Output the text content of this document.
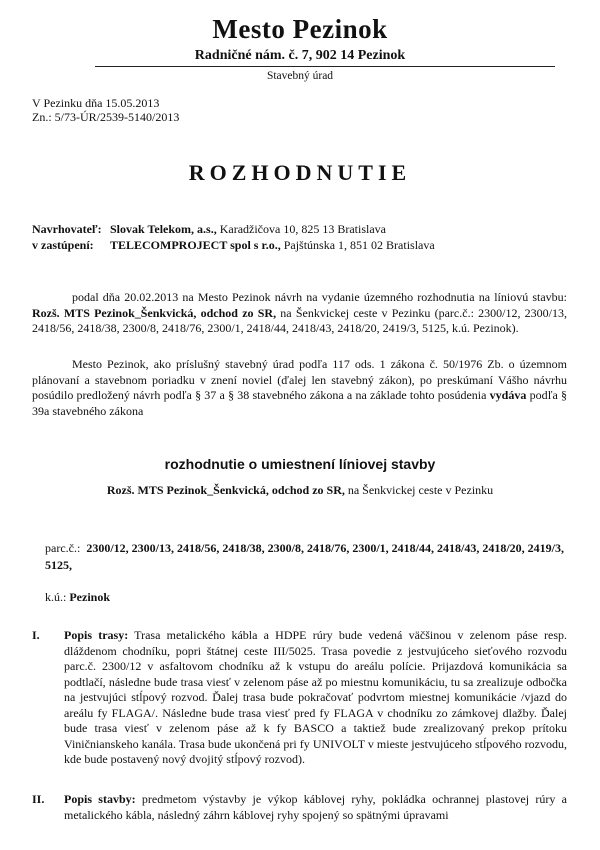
Mesto Pezinok
Radničné nám. č. 7, 902 14 Pezinok
Stavebný úrad
V Pezinku dňa 15.05.2013
Zn.: 5/73-ÚR/2539-5140/2013
ROZHODNUTIE
Navrhovateľ: Slovak Telekom, a.s., Karadžičova 10, 825 13 Bratislava
v zastúpení: TELECOMPROJECT spol s r.o., Pajštúnska 1, 851 02 Bratislava
podal dňa 20.02.2013 na Mesto Pezinok návrh na vydanie územného rozhodnutia na líniovú stavbu: Rozš. MTS Pezinok_Šenkvická, odchod zo SR, na Šenkvickej ceste v Pezinku (parc.č.: 2300/12, 2300/13, 2418/56, 2418/38, 2300/8, 2418/76, 2300/1, 2418/44, 2418/43, 2418/20, 2419/3, 5125, k.ú. Pezinok).
Mesto Pezinok, ako príslušný stavebný úrad podľa 117 ods. 1 zákona č. 50/1976 Zb. o územnom plánovaní a stavebnom poriadku v znení noviel (ďalej len stavebný zákon), po preskúmaní Vášho návrhu posúdilo predložený návrh podľa § 37 a § 38 stavebného zákona a na základe tohto posúdenia vydáva podľa § 39a stavebného zákona
rozhodnutie o umiestnení líniovej stavby
Rozš. MTS Pezinok_Šenkvická, odchod zo SR, na Šenkvickej ceste v Pezinku
parc.č.: 2300/12, 2300/13, 2418/56, 2418/38, 2300/8, 2418/76, 2300/1, 2418/44, 2418/43, 2418/20, 2419/3, 5125,
k.ú.: Pezinok
I. Popis trasy: Trasa metalického kábla a HDPE rúry bude vedená väčšinou v zelenom páse resp. dláždenom chodníku, popri štátnej ceste III/5025. Trasa povedie z jestvujúceho sieťového rozvodu parc.č. 2300/12 v asfaltovom chodníku až k vstupu do areálu polície. Prijazdová komunikácia sa podtlačí, následne bude trasa viesť v zelenom páse až po miestnu komunikáciu, tu sa zrealizuje odbočka na jestvujúci stĺpový rozvod. Ďalej trasa bude pokračovať podvrtom miestnej komunikácie /vjazd do areálu fy FLAGA/. Následne bude trasa viesť pred fy FLAGA v chodníku zo zámkovej dlažby. Ďalej bude trasa viesť v zelenom páse až k fy BASCO a taktiež bude zrealizovaný prekop prítoku Viničnianskeho kanála. Trasa bude ukončená pri fy UNIVOLT v mieste jestvujúceho stĺpového rozvodu, kde bude postavený nový dvojitý stĺpový rozvod).
II. Popis stavby: predmetom výstavby je výkop káblovej ryhy, pokládka ochrannej plastovej rúry a metalického kábla, následný záhrn káblovej ryhy spojený so spätnými úpravami
